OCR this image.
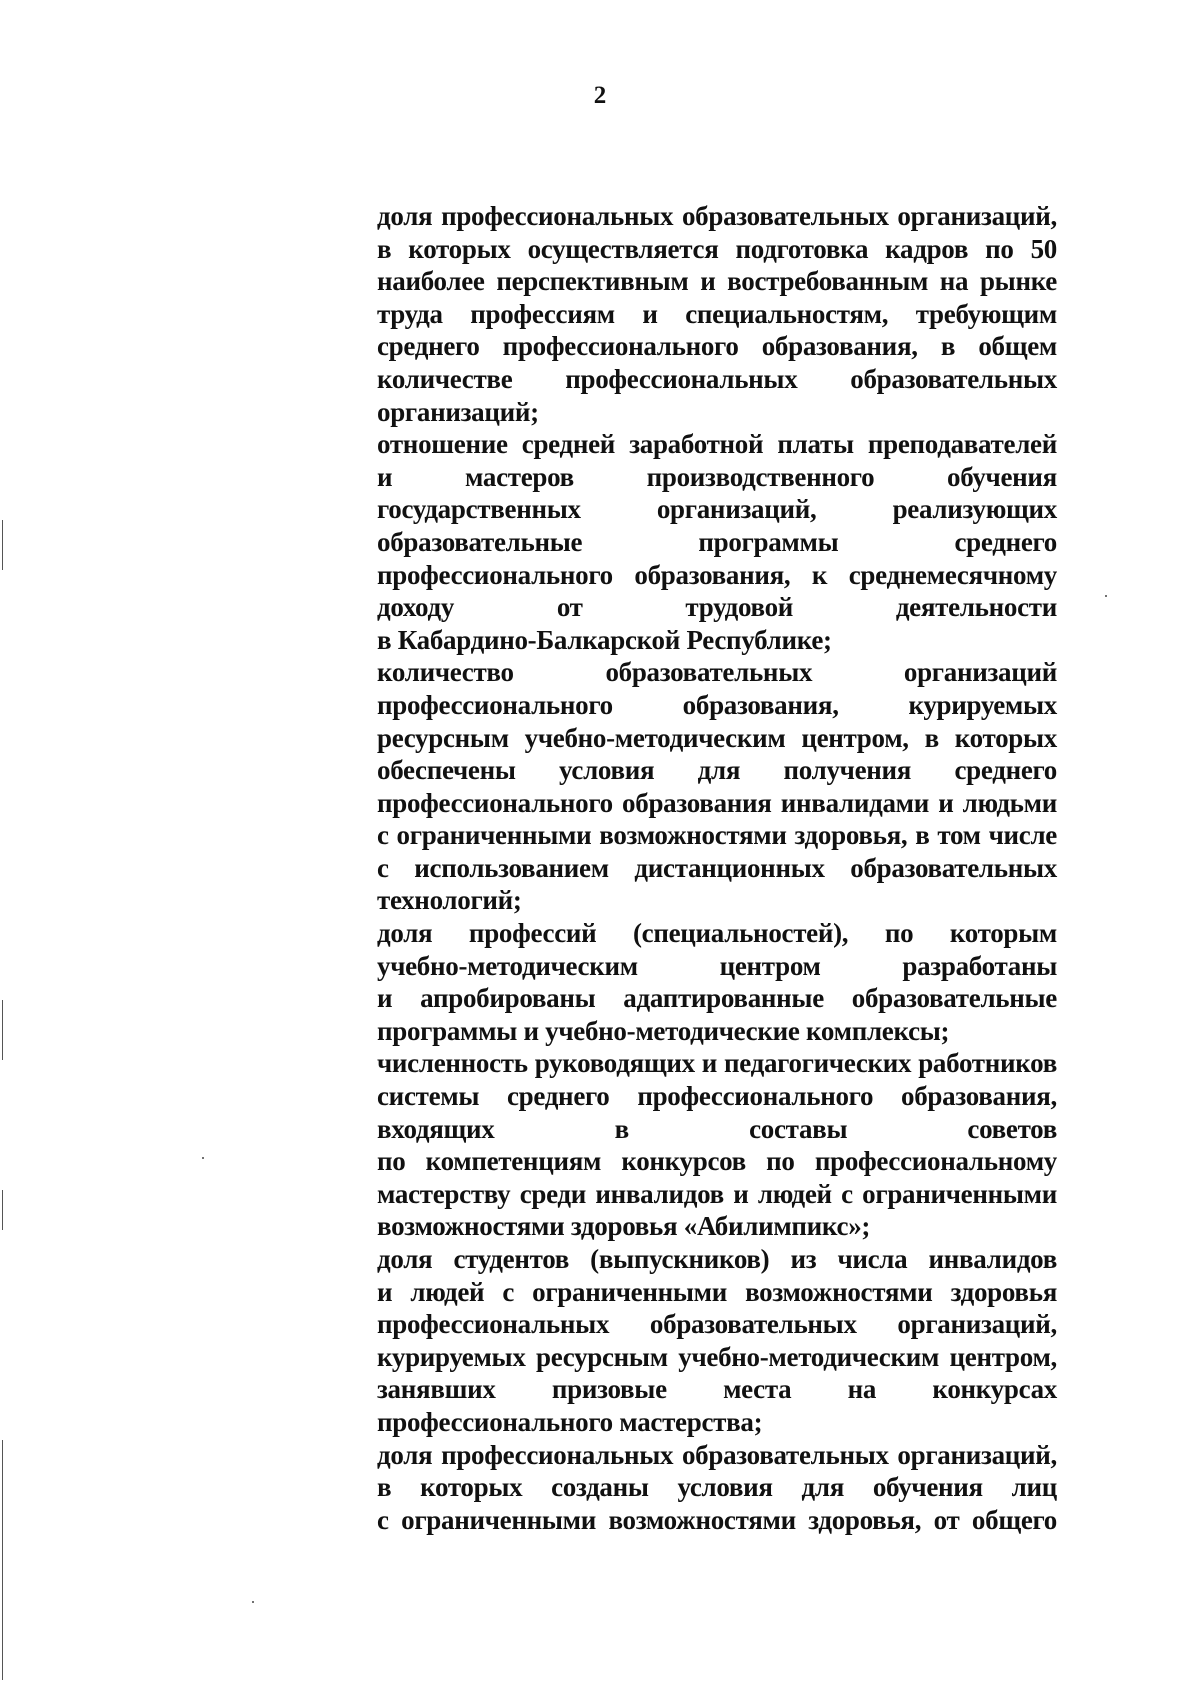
2
доля профессиональных образовательных организаций,
в которых осуществляется подготовка кадров по 50
наиболее перспективным и востребованным на рынке
труда профессиям и специальностям, требующим
среднего профессионального образования, в общем
количестве профессиональных образовательных
организаций;
отношение средней заработной платы преподавателей
и мастеров производственного обучения
государственных организаций, реализующих
образовательные программы среднего
профессионального образования, к среднемесячному
доходу от трудовой деятельности
в Кабардино-Балкарской Республике;
количество образовательных организаций
профессионального образования, курируемых
ресурсным учебно-методическим центром, в которых
обеспечены условия для получения среднего
профессионального образования инвалидами и людьми
с ограниченными возможностями здоровья, в том числе
с использованием дистанционных образовательных
технологий;
доля профессий (специальностей), по которым
учебно-методическим центром разработаны
и апробированы адаптированные образовательные
программы и учебно-методические комплексы;
численность руководящих и педагогических работников
системы среднего профессионального образования,
входящих в составы советов
по компетенциям конкурсов по профессиональному
мастерству среди инвалидов и людей с ограниченными
возможностями здоровья «Абилимпикс»;
доля студентов (выпускников) из числа инвалидов
и людей с ограниченными возможностями здоровья
профессиональных образовательных организаций,
курируемых ресурсным учебно-методическим центром,
занявших призовые места на конкурсах
профессионального мастерства;
доля профессиональных образовательных организаций,
в которых созданы условия для обучения лиц
с ограниченными возможностями здоровья, от общего
